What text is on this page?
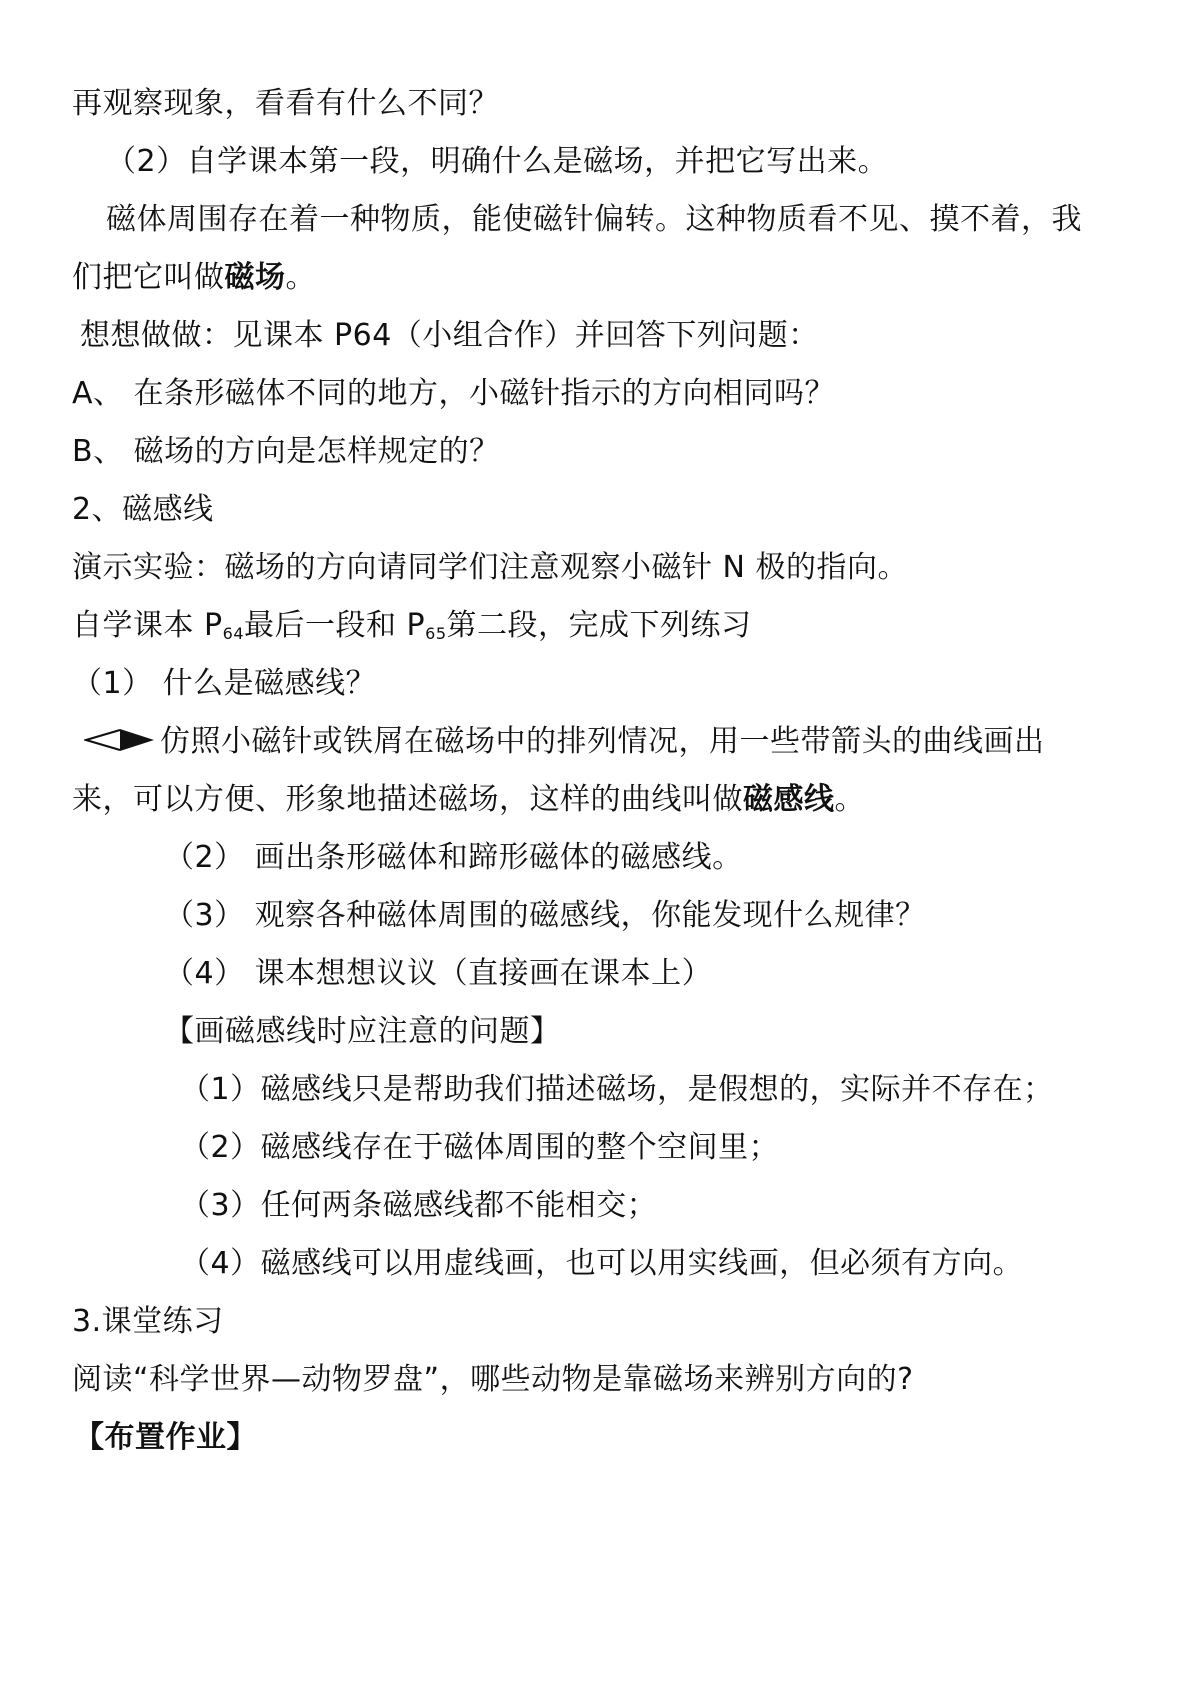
再观察现象，看看有什么不同？
（2）自学课本第一段，明确什么是磁场，并把它写出来。
磁体周围存在着一种物质，能使磁针偏转。这种物质看不见、摸不着，我
们把它叫做磁场。
想想做做：见课本 P64（小组合作）并回答下列问题：
A、 在条形磁体不同的地方，小磁针指示的方向相同吗？
B、 磁场的方向是怎样规定的？
2、磁感线
演示实验：磁场的方向请同学们注意观察小磁针 N 极的指向。
自学课本 $P_{64}$最后一段和 $P_{65}$第二段，完成下列练习
（1） 什么是磁感线？
仿照小磁针或铁屑在磁场中的排列情况，用一些带箭头的曲线画出
来，可以方便、形象地描述磁场，这样的曲线叫做磁感线。
（2） 画出条形磁体和蹄形磁体的磁感线。
（3） 观察各种磁体周围的磁感线，你能发现什么规律？
（4） 课本想想议议（直接画在课本上）
【画磁感线时应注意的问题】
（1）磁感线只是帮助我们描述磁场，是假想的，实际并不存在；
（2）磁感线存在于磁体周围的整个空间里；
（3）任何两条磁感线都不能相交；
（4）磁感线可以用虚线画，也可以用实线画，但必须有方向。
3.课堂练习
阅读“科学世界—动物罗盘”，哪些动物是靠磁场来辨别方向的?
【布置作业】
